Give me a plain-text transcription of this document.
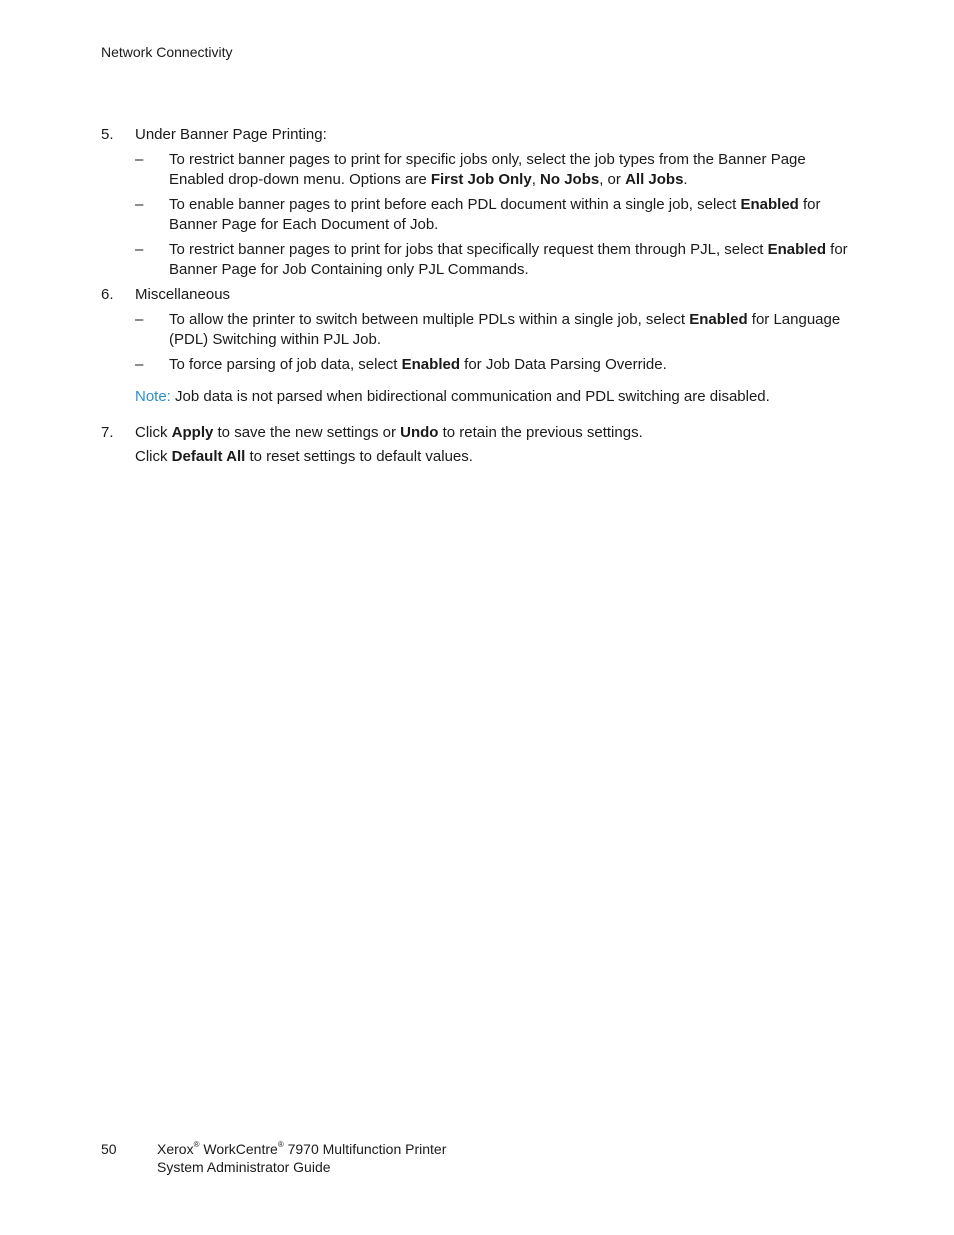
Network Connectivity
5. Under Banner Page Printing:
– To restrict banner pages to print for specific jobs only, select the job types from the Banner Page Enabled drop-down menu. Options are First Job Only, No Jobs, or All Jobs.
– To enable banner pages to print before each PDL document within a single job, select Enabled for Banner Page for Each Document of Job.
– To restrict banner pages to print for jobs that specifically request them through PJL, select Enabled for Banner Page for Job Containing only PJL Commands.
6. Miscellaneous
– To allow the printer to switch between multiple PDLs within a single job, select Enabled for Language (PDL) Switching within PJL Job.
– To force parsing of job data, select Enabled for Job Data Parsing Override.
Note: Job data is not parsed when bidirectional communication and PDL switching are disabled.
7. Click Apply to save the new settings or Undo to retain the previous settings.
Click Default All to reset settings to default values.
50	Xerox® WorkCentre® 7970 Multifunction Printer
System Administrator Guide
